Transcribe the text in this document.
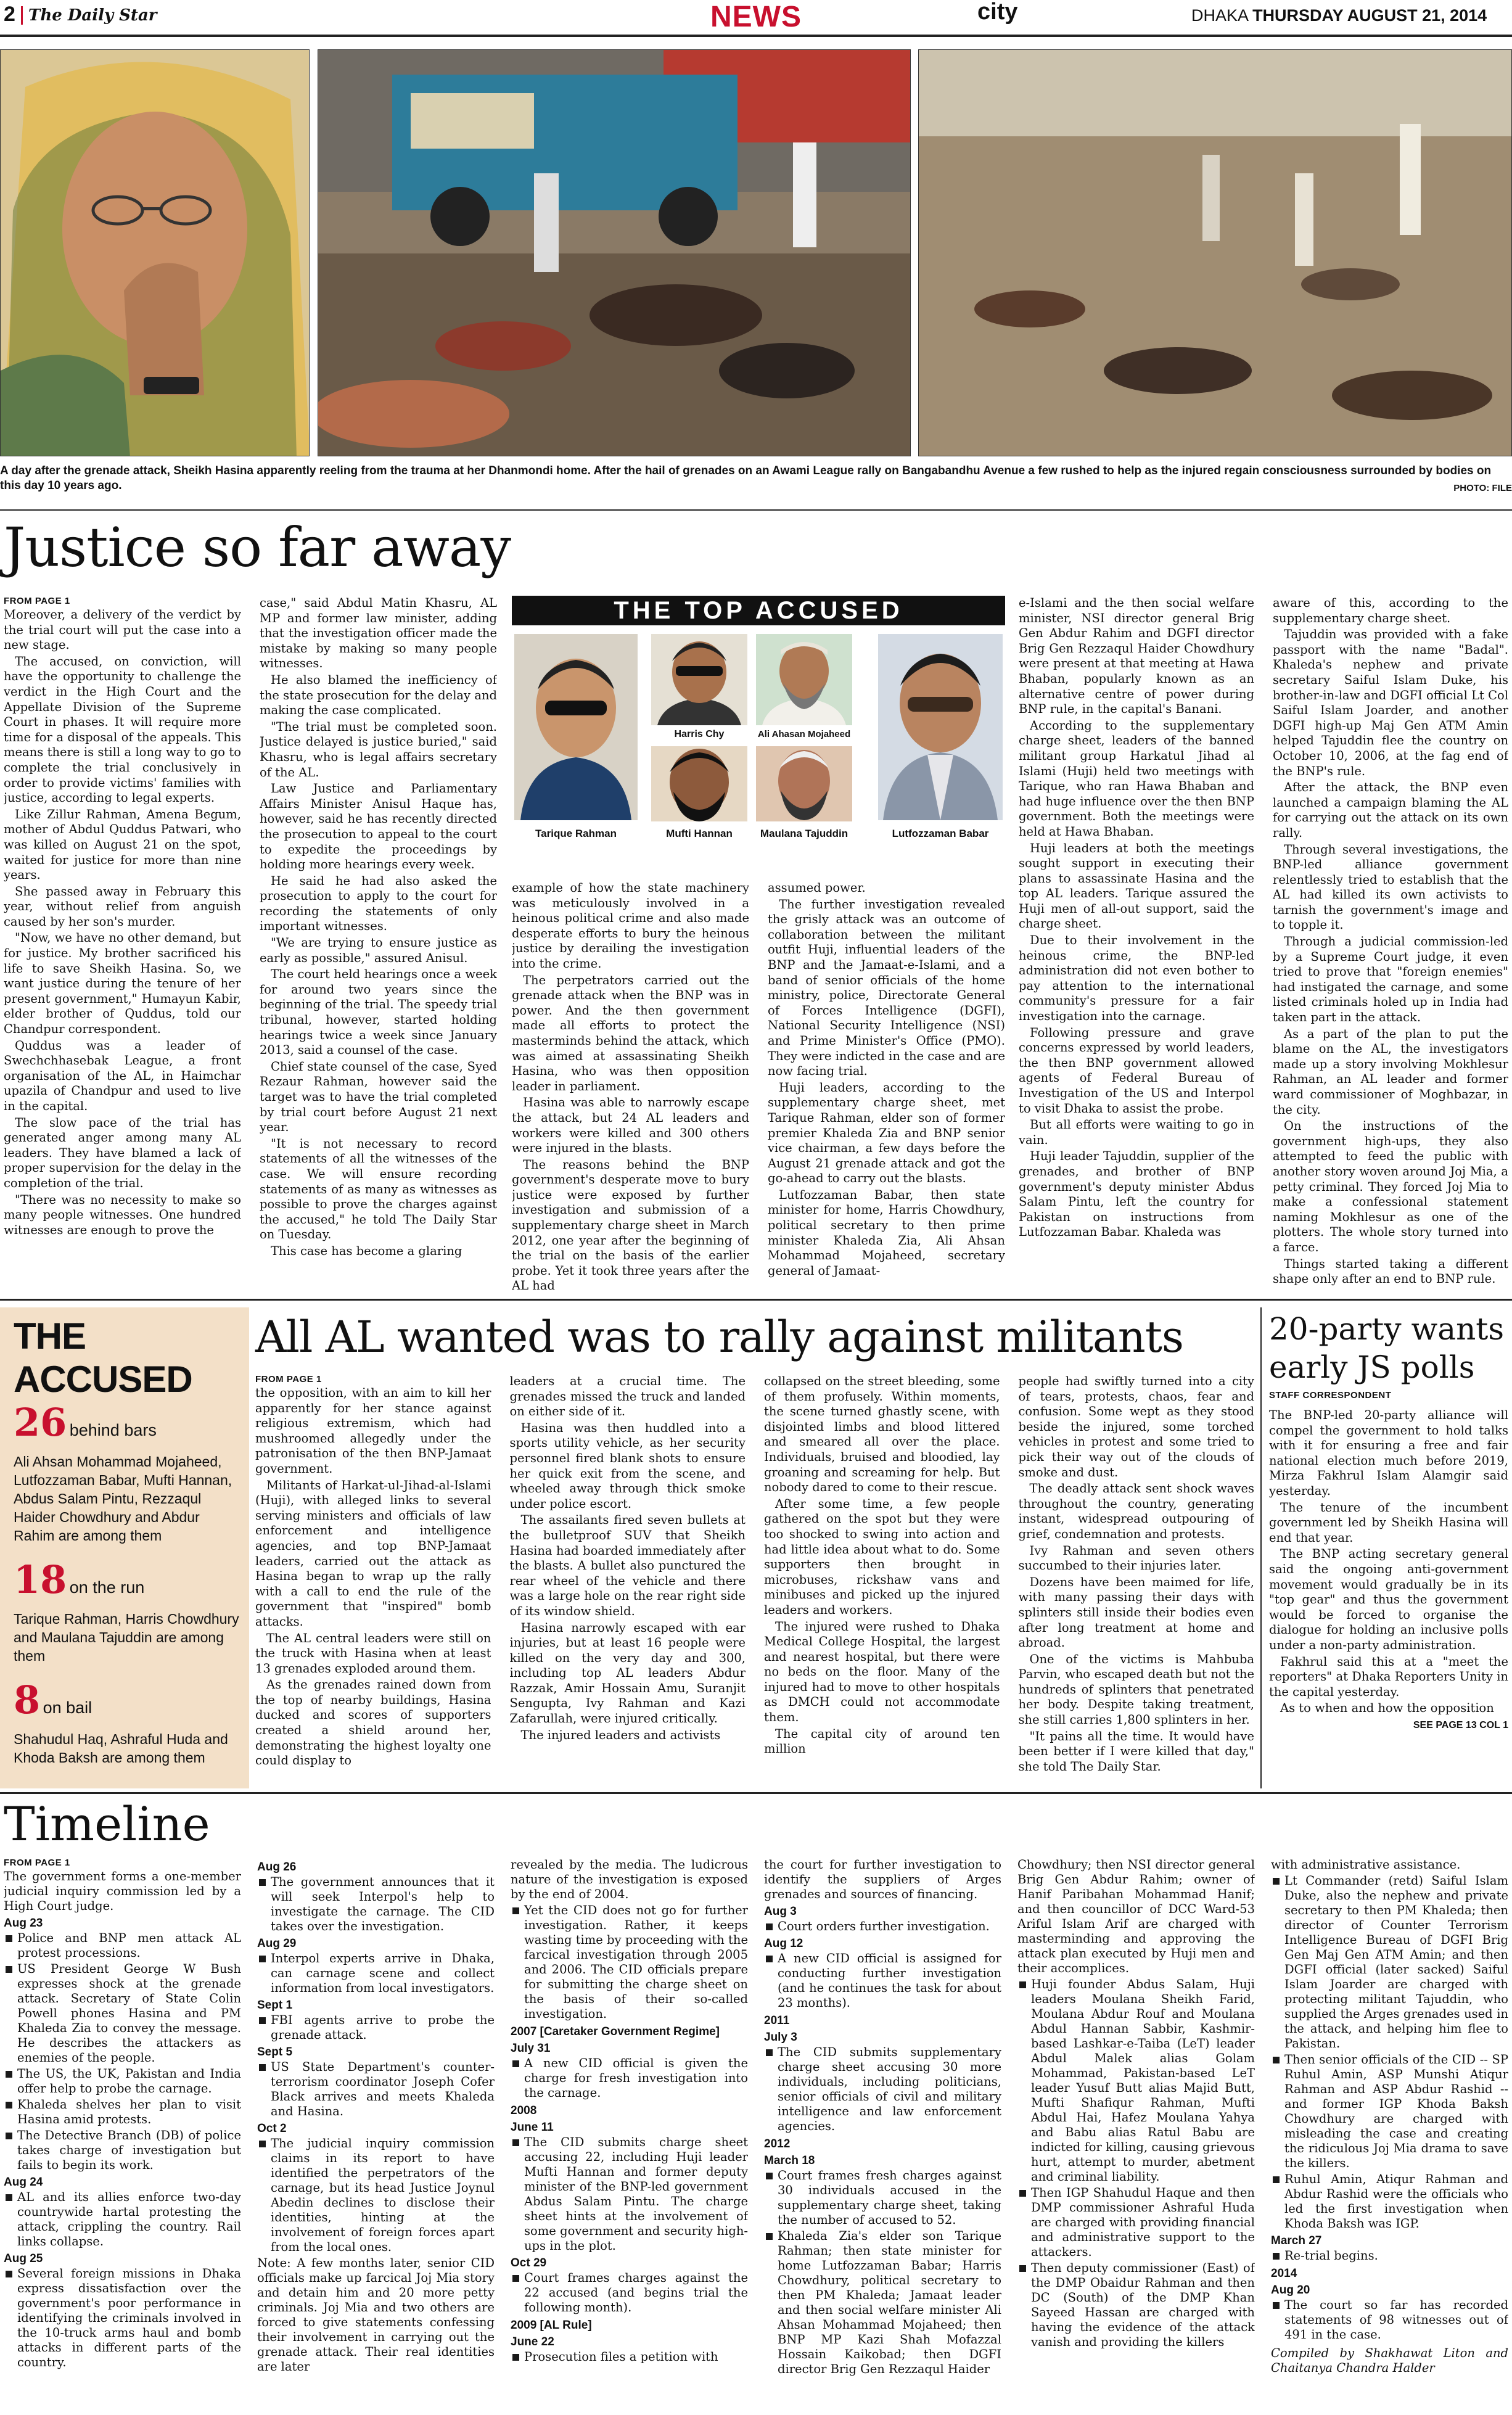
2 The Daily Star	NEWS	city	DHAKA THURSDAY AUGUST 21, 2014
A day after the grenade attack, Sheikh Hasina apparently reeling from the trauma at her Dhanmondi home. After the hail of grenades on an Awami League rally on Bangabandhu Avenue a few rushed to help as the injured regain consciousness surrounded by bodies on this day 10 years ago.	PHOTO: FILE
Justice so far away
FROM PAGE 1

Moreover, a delivery of the verdict by the trial court will put the case into a new stage.

The accused, on conviction, will have the opportunity to challenge the verdict in the High Court and the Appellate Division of the Supreme Court in phases. It will require more time for a disposal of the appeals. This means there is still a long way to go to complete the trial conclusively in order to provide victims' families with justice, according to legal experts.

Like Zillur Rahman, Amena Begum, mother of Abdul Quddus Patwari, who was killed on August 21 on the spot, waited for justice for more than nine years.

She passed away in February this year, without relief from anguish caused by her son's murder.

"Now, we have no other demand, but for justice. My brother sacrificed his life to save Sheikh Hasina. So, we want justice during the tenure of her present government," Humayun Kabir, elder brother of Quddus, told our Chandpur correspondent.

Quddus was a leader of Swechchhasebak League, a front organisation of the AL, in Haimchar upazila of Chandpur and used to live in the capital.

The slow pace of the trial has generated anger among many AL leaders. They have blamed a lack of proper supervision for the delay in the completion of the trial.

"There was no necessity to make so many people witnesses. One hundred witnesses are enough to prove the

case," said Abdul Matin Khasru, AL MP and former law minister, adding that the investigation officer made the mistake by making so many people witnesses.

He also blamed the inefficiency of the state prosecution for the delay and making the case complicated.

"The trial must be completed soon. Justice delayed is justice buried," said Khasru, who is legal affairs secretary of the AL.

Law Justice and Parliamentary Affairs Minister Anisul Haque has, however, said he has recently directed the prosecution to appeal to the court to expedite the proceedings by holding more hearings every week.

He said he had also asked the prosecution to apply to the court for recording the statements of only important witnesses.

"We are trying to ensure justice as early as possible," assured Anisul.

The court held hearings once a week for around two years since the beginning of the trial. The speedy trial tribunal, however, started holding hearings twice a week since January 2013, said a counsel of the case.

Chief state counsel of the case, Syed Rezaur Rahman, however said the target was to have the trial completed by trial court before August 21 next year.

"It is not necessary to record statements of all the witnesses of the case. We will ensure recording statements of as many as witnesses as possible to prove the charges against the accused," he told The Daily Star on Tuesday.

This case has become a glaring

THE TOP ACCUSED
Tarique Rahman
Harris Chy	Ali Ahasan Mojaheed
Lutfozzaman Babar
Mufti Hannan	Maulana Tajuddin

example of how the state machinery was meticulously involved in a heinous political crime and also made desperate efforts to bury the heinous justice by derailing the investigation into the crime.

The perpetrators carried out the grenade attack when the BNP was in power. And the then government made all efforts to protect the masterminds behind the attack, which was aimed at assassinating Sheikh Hasina, who was then opposition leader in parliament.

Hasina was able to narrowly escape the attack, but 24 AL leaders and workers were killed and 300 others were injured in the blasts.

The reasons behind the BNP government's desperate move to bury justice were exposed by further investigation and submission of a supplementary charge sheet in March 2012, one year after the beginning of the trial on the basis of the earlier probe. Yet it took three years after the AL had

assumed power.

The further investigation revealed the grisly attack was an outcome of collaboration between the militant outfit Huji, influential leaders of the BNP and the Jamaat-e-Islami, and a band of senior officials of the home ministry, police, Directorate General of Forces Intelligence (DGFI), National Security Intelligence (NSI) and Prime Minister's Office (PMO). They were indicted in the case and are now facing trial.

Huji leaders, according to the supplementary charge sheet, met Tarique Rahman, elder son of former premier Khaleda Zia and BNP senior vice chairman, a few days before the August 21 grenade attack and got the go-ahead to carry out the blasts.

Lutfozzaman Babar, then state minister for home, Harris Chowdhury, political secretary to then prime minister Khaleda Zia, Ali Ahsan Mohammad Mojaheed, secretary general of Jamaat-

e-Islami and the then social welfare minister, NSI director general Brig Gen Abdur Rahim and DGFI director Brig Gen Rezzaqul Haider Chowdhury were present at that meeting at Hawa Bhaban, popularly known as an alternative centre of power during BNP rule, in the capital's Banani.

According to the supplementary charge sheet, leaders of the banned militant group Harkatul Jihad al Islami (Huji) held two meetings with Tarique, who ran Hawa Bhaban and had huge influence over the then BNP government. Both the meetings were held at Hawa Bhaban.

Huji leaders at both the meetings sought support in executing their plans to assassinate Hasina and the top AL leaders. Tarique assured the Huji men of all-out support, said the charge sheet.

Due to their involvement in the heinous crime, the BNP-led administration did not even bother to pay attention to the international community's pressure for a fair investigation into the carnage.

Following pressure and grave concerns expressed by world leaders, the then BNP government allowed agents of Federal Bureau of Investigation of the US and Interpol to visit Dhaka to assist the probe.

But all efforts were waiting to go in vain.

Huji leader Tajuddin, supplier of the grenades, and brother of BNP government's deputy minister Abdus Salam Pintu, left the country for Pakistan on instructions from Lutfozzaman Babar. Khaleda was

aware of this, according to the supplementary charge sheet.

Tajuddin was provided with a fake passport with the name "Badal". Khaleda's nephew and private secretary Saiful Islam Duke, his brother-in-law and DGFI official Lt Col Saiful Islam Joarder, and another DGFI high-up Maj Gen ATM Amin helped Tajuddin flee the country on October 10, 2006, at the fag end of the BNP's rule.

After the attack, the BNP even launched a campaign blaming the AL for carrying out the attack on its own rally.

Through several investigations, the BNP-led alliance government relentlessly tried to establish that the AL had killed its own activists to tarnish the government's image and to topple it.

Through a judicial commission-led by a Supreme Court judge, it even tried to prove that "foreign enemies" had instigated the carnage, and some listed criminals holed up in India had taken part in the attack.

As a part of the plan to put the blame on the AL, the investigators made up a story involving Mokhlesur Rahman, an AL leader and former ward commissioner of Moghbazar, in the city.

On the instructions of the government high-ups, they also attempted to feed the public with another story woven around Joj Mia, a petty criminal. They forced Joj Mia to make a confessional statement naming Mokhlesur as one of the plotters. The whole story turned into a farce.

Things started taking a different shape only after an end to BNP rule.

THE ACCUSED
26 behind bars
Ali Ahsan Mohammad Mojaheed, Lutfozzaman Babar, Mufti Hannan, Abdus Salam Pintu, Rezzaqul Haider Chowdhury and Abdur Rahim are among them
18 on the run
Tarique Rahman, Harris Chowdhury and Maulana Tajuddin are among them
8 on bail
Shahudul Haq, Ashraful Huda and Khoda Baksh are among them
All AL wanted was to rally against militants
FROM PAGE 1

the opposition, with an aim to kill her apparently for her stance against religious extremism, which had mushroomed allegedly under the patronisation of the then BNP-Jamaat government.

Militants of Harkat-ul-Jihad-al-Islami (Huji), with alleged links to several serving ministers and officials of law enforcement and intelligence agencies, and top BNP-Jamaat leaders, carried out the attack as Hasina began to wrap up the rally with a call to end the rule of the government that "inspired" bomb attacks.

The AL central leaders were still on the truck with Hasina when at least 13 grenades exploded around them.

As the grenades rained down from the top of nearby buildings, Hasina ducked and scores of supporters created a shield around her, demonstrating the highest loyalty one could display to

leaders at a crucial time. The grenades missed the truck and landed on either side of it.

Hasina was then huddled into a sports utility vehicle, as her security personnel fired blank shots to ensure her quick exit from the scene, and wheeled away through thick smoke under police escort.

The assailants fired seven bullets at the bulletproof SUV that Sheikh Hasina had boarded immediately after the blasts. A bullet also punctured the rear wheel of the vehicle and there was a large hole on the rear right side of its window shield.

Hasina narrowly escaped with ear injuries, but at least 16 people were killed on the very day and 300, including top AL leaders Abdur Razzak, Amir Hossain Amu, Suranjit Sengupta, Ivy Rahman and Kazi Zafarullah, were injured critically.

The injured leaders and activists

collapsed on the street bleeding, some of them profusely. Within moments, the scene turned ghastly scene, with disjointed limbs and blood littered and smeared all over the place. Individuals, bruised and bloodied, lay groaning and screaming for help. But nobody dared to come to their rescue.

After some time, a few people gathered on the spot but they were too shocked to swing into action and had little idea about what to do. Some supporters then brought in microbuses, rickshaw vans and minibuses and picked up the injured leaders and workers.

The injured were rushed to Dhaka Medical College Hospital, the largest and nearest hospital, but there were no beds on the floor. Many of the injured had to move to other hospitals as DMCH could not accommodate them.

The capital city of around ten million

people had swiftly turned into a city of tears, protests, chaos, fear and confusion. Some wept as they stood beside the injured, some torched vehicles in protest and some tried to pick their way out of the clouds of smoke and dust.

The deadly attack sent shock waves throughout the country, generating instant, widespread outpouring of grief, condemnation and protests.

Ivy Rahman and seven others succumbed to their injuries later.

Dozens have been maimed for life, with many passing their days with splinters still inside their bodies even after long treatment at home and abroad.

One of the victims is Mahbuba Parvin, who escaped death but not the hundreds of splinters that penetrated her body. Despite taking treatment, she still carries 1,800 splinters in her.

"It pains all the time. It would have been better if I were killed that day," she told The Daily Star.

20-party wants early JS polls
STAFF CORRESPONDENT

The BNP-led 20-party alliance will compel the government to hold talks with it for ensuring a free and fair national election much before 2019, Mirza Fakhrul Islam Alamgir said yesterday.

The tenure of the incumbent government led by Sheikh Hasina will end that year.

The BNP acting secretary general said the ongoing anti-government movement would gradually be in its "top gear" and thus the government would be forced to organise the dialogue for holding an inclusive polls under a non-party administration.

Fakhrul said this at a "meet the reporters" at Dhaka Reporters Unity in the capital yesterday.

As to when and how the opposition

SEE PAGE 13 COL 1
Timeline
FROM PAGE 1
The government forms a one-member judicial inquiry commission led by a High Court judge.
Aug 23
Police and BNP men attack AL protest processions.
US President George W Bush expresses shock at the grenade attack. Secretary of State Colin Powell phones Hasina and PM Khaleda Zia to convey the message. He describes the attackers as enemies of the people.
The US, the UK, Pakistan and India offer help to probe the carnage.
Khaleda shelves her plan to visit Hasina amid protests.
The Detective Branch (DB) of police takes charge of investigation but fails to begin its work.
Aug 24
AL and its allies enforce two-day countrywide hartal protesting the attack, crippling the country. Rail links collapse.
Aug 25
Several foreign missions in Dhaka express dissatisfaction over the government's poor performance in identifying the criminals involved in the 10-truck arms haul and bomb attacks in different parts of the country.
Aug 26
The government announces that it will seek Interpol's help to investigate the carnage. The CID takes over the investigation.
Aug 29
Interpol experts arrive in Dhaka, can carnage scene and collect information from local investigators.
Sept 1
FBI agents arrive to probe the grenade attack.
Sept 5
US State Department's counter-terrorism coordinator Joseph Cofer Black arrives and meets Khaleda and Hasina.
Oct 2
The judicial inquiry commission claims in its report to have identified the perpetrators of the carnage, but its head Justice Joynul Abedin declines to disclose their identities, hinting at the involvement of foreign forces apart from the local ones.
Note: A few months later, senior CID officials make up farcical Joj Mia story and detain him and 20 more petty criminals. Joj Mia and two others are forced to give statements confessing their involvement in carrying out the grenade attack. Their real identities are later
revealed by the media. The ludicrous nature of the investigation is exposed by the end of 2004.
Yet the CID does not go for further investigation. Rather, it keeps wasting time by proceeding with the farcical investigation through 2005 and 2006. The CID officials prepare for submitting the charge sheet on the basis of their so-called investigation.
2007 [Caretaker Government Regime]
July 31
A new CID official is given the charge for fresh investigation into the carnage.
2008
June 11
The CID submits charge sheet accusing 22, including Huji leader Mufti Hannan and former deputy minister of the BNP-led government Abdus Salam Pintu. The charge sheet hints at the involvement of some government and security high-ups in the plot.
Oct 29
Court frames charges against the 22 accused (and begins trial the following month).
2009 [AL Rule]
June 22
Prosecution files a petition with
the court for further investigation to identify the suppliers of Arges grenades and sources of financing.
Aug 3
Court orders further investigation.
Aug 12
A new CID official is assigned for conducting further investigation (and he continues the task for about 23 months).
2011
July 3
The CID submits supplementary charge sheet accusing 30 more individuals, including politicians, senior officials of civil and military intelligence and law enforcement agencies.
2012
March 18
Court frames fresh charges against 30 individuals accused in the supplementary charge sheet, taking the number of accused to 52.
Khaleda Zia's elder son Tarique Rahman; then state minister for home Lutfozzaman Babar; Harris Chowdhury, political secretary to then PM Khaleda; Jamaat leader and then social welfare minister Ali Ahsan Mohammad Mojaheed; then BNP MP Kazi Shah Mofazzal Hossain Kaikobad; then DGFI director Brig Gen Rezzaqul Haider
Chowdhury; then NSI director general Brig Gen Abdur Rahim; owner of Hanif Paribahan Mohammad Hanif; and then councillor of DCC Ward-53 Ariful Islam Arif are charged with masterminding and approving the attack plan executed by Huji men and their accomplices.
Huji founder Abdus Salam, Huji leaders Moulana Sheikh Farid, Moulana Abdur Rouf and Moulana Abdul Hannan Sabbir, Kashmir-based Lashkar-e-Taiba (LeT) leader Abdul Malek alias Golam Mohammad, Pakistan-based LeT leader Yusuf Butt alias Majid Butt, Mufti Shafiqur Rahman, Mufti Abdul Hai, Hafez Moulana Yahya and Babu alias Ratul Babu are indicted for killing, causing grievous hurt, attempt to murder, abetment and criminal liability.
Then IGP Shahudul Haque and then DMP commissioner Ashraful Huda are charged with providing financial and administrative support to the attackers.
Then deputy commissioner (East) of the DMP Obaidur Rahman and then DC (South) of the DMP Khan Sayeed Hassan are charged with having the evidence of the attack vanish and providing the killers
with administrative assistance.
Lt Commander (retd) Saiful Islam Duke, also the nephew and private secretary to then PM Khaleda; then director of Counter Terrorism Intelligence Bureau of DGFI Brig Gen Maj Gen ATM Amin; and then DGFI official (later sacked) Saiful Islam Joarder are charged with protecting militant Tajuddin, who supplied the Arges grenades used in the attack, and helping him flee to Pakistan.
Then senior officials of the CID -- SP Ruhul Amin, ASP Munshi Atiqur Rahman and ASP Abdur Rashid -- and former IGP Khoda Baksh Chowdhury are charged with misleading the case and creating the ridiculous Joj Mia drama to save the killers.
Ruhul Amin, Atiqur Rahman and Abdur Rashid were the officials who led the first investigation when Khoda Baksh was IGP.
March 27
Re-trial begins.
2014
Aug 20
The court so far has recorded statements of 98 witnesses out of 491 in the case.
Compiled by Shakhawat Liton and Chaitanya Chandra Halder
